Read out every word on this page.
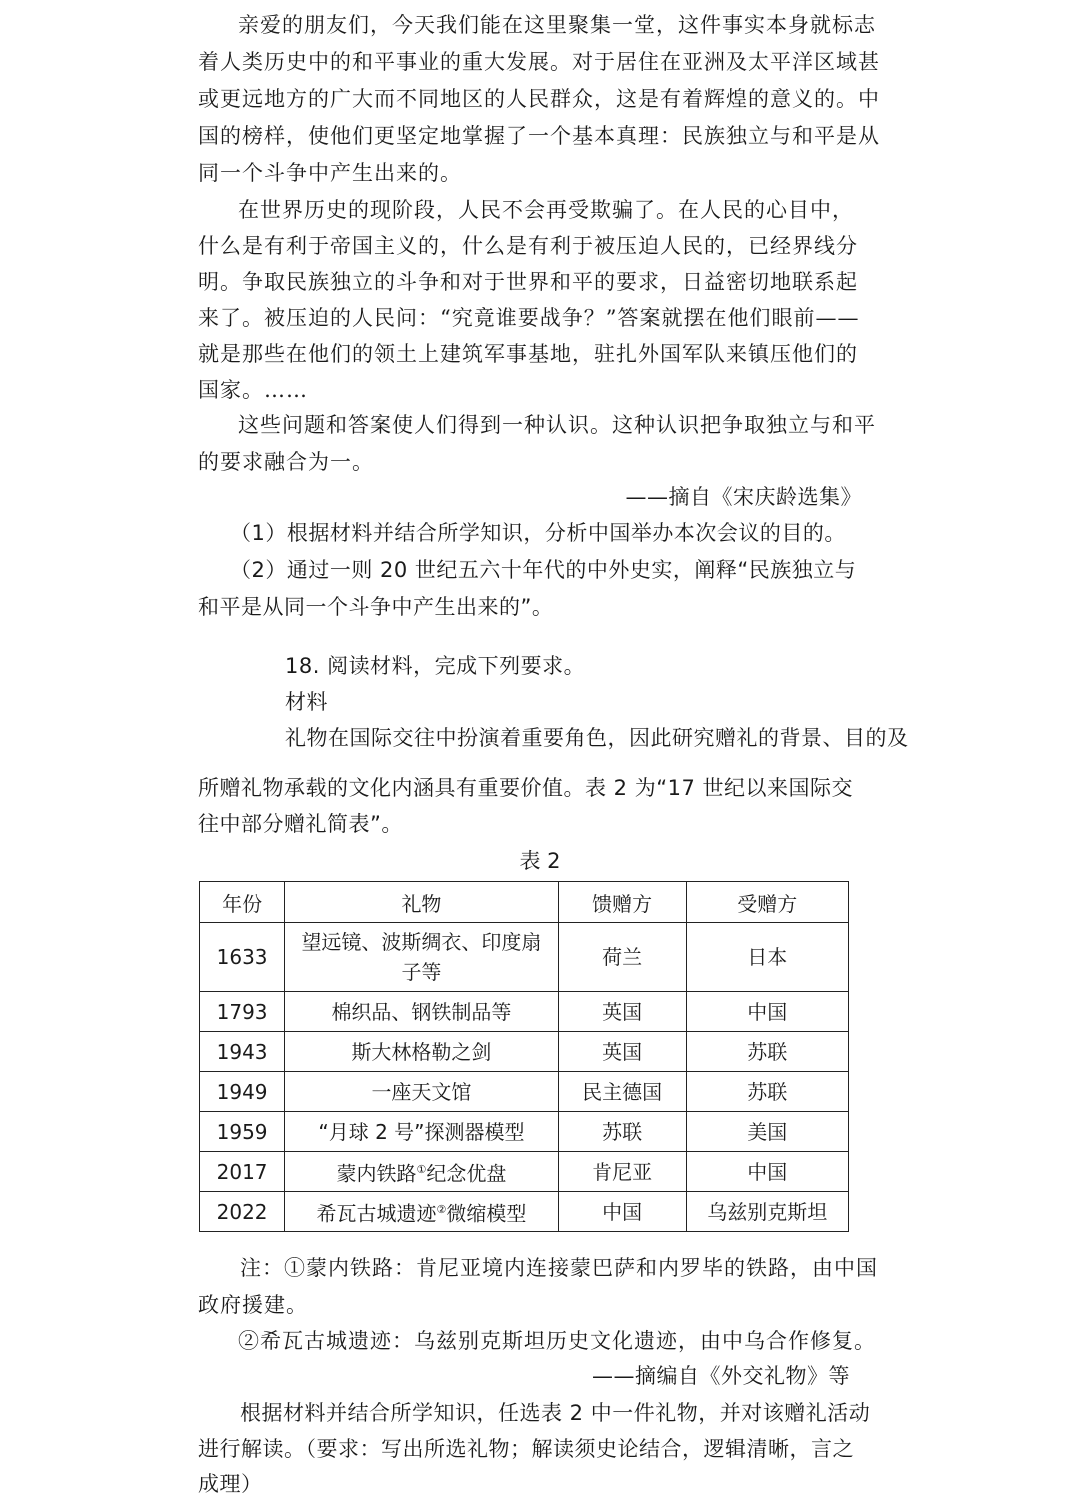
亲爱的朋友们，今天我们能在这里聚集一堂，这件事实本身就标志
着人类历史中的和平事业的重大发展。对于居住在亚洲及太平洋区域甚
或更远地方的广大而不同地区的人民群众，这是有着辉煌的意义的。中
国的榜样，使他们更坚定地掌握了一个基本真理：民族独立与和平是从
同一个斗争中产生出来的。
在世界历史的现阶段，人民不会再受欺骗了。在人民的心目中，
什么是有利于帝国主义的，什么是有利于被压迫人民的，已经界线分
明。争取民族独立的斗争和对于世界和平的要求，日益密切地联系起
来了。被压迫的人民问：“究竟谁要战争？”答案就摆在他们眼前——
就是那些在他们的领土上建筑军事基地，驻扎外国军队来镇压他们的
国家。……
这些问题和答案使人们得到一种认识。这种认识把争取独立与和平
的要求融合为一。
——摘自《宋庆龄选集》
（1）根据材料并结合所学知识，分析中国举办本次会议的目的。
（2）通过一则 20 世纪五六十年代的中外史实，阐释“民族独立与
和平是从同一个斗争中产生出来的”。
18. 阅读材料，完成下列要求。
材料
礼物在国际交往中扮演着重要角色，因此研究赠礼的背景、目的及
所赠礼物承载的文化内涵具有重要价值。表 2 为“17 世纪以来国际交
往中部分赠礼简表”。
表 2
年份	礼物	馈赠方	受赠方
1633	望远镜、波斯绸衣、印度扇
子等	荷兰	日本
1793	棉织品、钢铁制品等	英国	中国
1943	斯大林格勒之剑	英国	苏联
1949	一座天文馆	民主德国	苏联
1959	“月球 2 号”探测器模型	苏联	美国
2017	蒙内铁路①纪念优盘	肯尼亚	中国
2022	希瓦古城遗迹②微缩模型	中国	乌兹别克斯坦
注：①蒙内铁路：肯尼亚境内连接蒙巴萨和内罗毕的铁路，由中国
政府援建。
②希瓦古城遗迹：乌兹别克斯坦历史文化遗迹，由中乌合作修复。
——摘编自《外交礼物》等
根据材料并结合所学知识，任选表 2 中一件礼物，并对该赠礼活动
进行解读。（要求：写出所选礼物；解读须史论结合，逻辑清晰，言之
成理）
